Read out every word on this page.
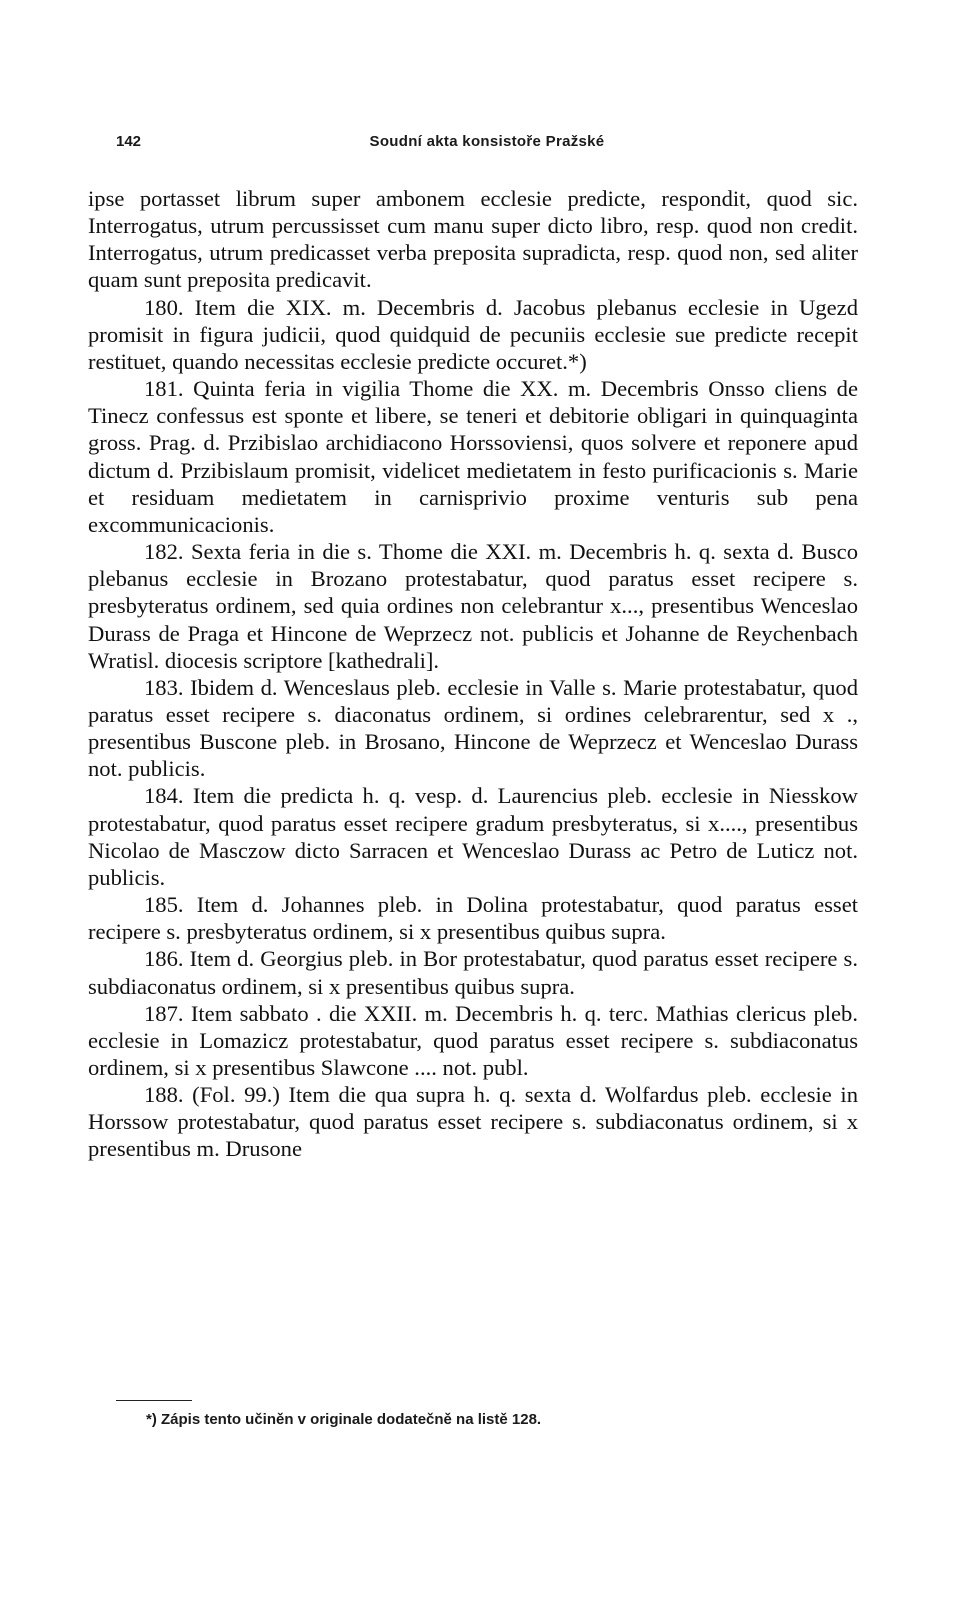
142	Soudní akta konsistoře Pražské

ipse portasset librum super ambonem ecclesie predicte, respondit, quod sic. Interrogatus, utrum percussisset cum manu super dicto libro, resp. quod non credit. Interrogatus, utrum predicasset verba preposita supradicta, resp. quod non, sed aliter quam sunt preposita predicavit.

180. Item die XIX. m. Decembris d. Jacobus plebanus ecclesie in Ugezd promisit in figura judicii, quod quidquid de pecuniis ecclesie sue predicte recepit restituet, quando necessitas ecclesie predicte occuret.*)

181. Quinta feria in vigilia Thome die XX. m. Decembris Onsso cliens de Tinecz confessus est sponte et libere, se teneri et debitorie obligari in quinquaginta gross. Prag. d. Przibislao archidiacono Horssoviensi, quos solvere et reponere apud dictum d. Przibislaum promisit, videlicet medietatem in festo purificacionis s. Marie et residuam medietatem in carnisprivio proxime venturis sub pena excommunicacionis.

182. Sexta feria in die s. Thome die XXI. m. Decembris h. q. sexta d. Busco plebanus ecclesie in Brozano protestabatur, quod paratus esset recipere s. presbyteratus ordinem, sed quia ordines non celebrantur x..., presentibus Wenceslao Durass de Praga et Hincone de Weprzecz not. publicis et Johanne de Reychenbach Wratisl. diocesis scriptore [kathedrali].

183. Ibidem d. Wenceslaus pleb. ecclesie in Valle s. Marie protestabatur, quod paratus esset recipere s. diaconatus ordinem, si ordines celebrarentur, sed x ., presentibus Buscone pleb. in Brosano, Hincone de Weprzecz et Wenceslao Durass not. publicis.

184. Item die predicta h. q. vesp. d. Laurencius pleb. ecclesie in Niesskow protestabatur, quod paratus esset recipere gradum presbyteratus, si x...., presentibus Nicolao de Masczow dicto Sarracen et Wenceslao Durass ac Petro de Luticz not. publicis.

185. Item d. Johannes pleb. in Dolina protestabatur, quod paratus esset recipere s. presbyteratus ordinem, si x presentibus quibus supra.

186. Item d. Georgius pleb. in Bor protestabatur, quod paratus esset recipere s. subdiaconatus ordinem, si x presentibus quibus supra.

187. Item sabbato . die XXII. m. Decembris h. q. terc. Mathias clericus pleb. ecclesie in Lomazicz protestabatur, quod paratus esset recipere s. subdiaconatus ordinem, si x presentibus Slawcone .... not. publ.

188. (Fol. 99.) Item die qua supra h. q. sexta d. Wolfardus pleb. ecclesie in Horssow protestabatur, quod paratus esset recipere s. subdiaconatus ordinem, si x presentibus m. Drusone

*) Zápis tento učiněn v originale dodatečně na listě 128.
